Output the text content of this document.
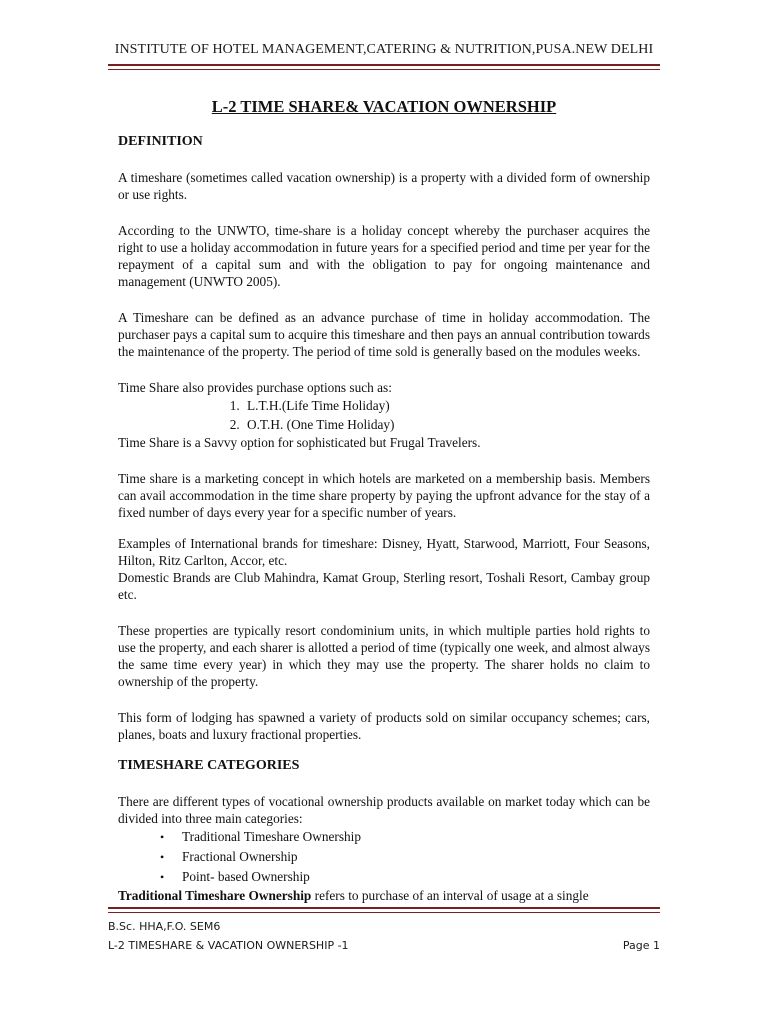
INSTITUTE OF HOTEL MANAGEMENT,CATERING & NUTRITION,PUSA.NEW DELHI
L-2 TIME SHARE& VACATION OWNERSHIP
DEFINITION

A timeshare (sometimes called vacation ownership) is a property with a divided form of ownership or use rights.

According to the UNWTO, time-share is a holiday concept whereby the purchaser acquires the right to use a holiday accommodation in future years for a specified period and time per year for the repayment of a capital sum and with the obligation to pay for ongoing maintenance and management (UNWTO 2005).

A Timeshare can be defined as an advance purchase of time in holiday accommodation. The purchaser pays a capital sum to acquire this timeshare and then pays an annual contribution towards the maintenance of the property. The period of time sold is generally based on the modules weeks.

Time Share also provides purchase options such as:

1. L.T.H.(Life Time Holiday)
2. O.T.H. (One Time Holiday)

Time Share is a Savvy option for sophisticated but Frugal Travelers.

Time share is a marketing concept in which hotels are marketed on a membership basis. Members can avail accommodation in the time share property by paying the upfront advance for the stay of a fixed number of days every year for a specific number of years.

Examples of International brands for timeshare: Disney, Hyatt, Starwood, Marriott, Four Seasons, Hilton, Ritz Carlton, Accor, etc.

Domestic Brands are Club Mahindra, Kamat Group, Sterling resort, Toshali Resort, Cambay group etc.

These properties are typically resort condominium units, in which multiple parties hold rights to use the property, and each sharer is allotted a period of time (typically one week, and almost always the same time every year) in which they may use the property. The sharer holds no claim to ownership of the property.

This form of lodging has spawned a variety of products sold on similar occupancy schemes; cars, planes, boats and luxury fractional properties.

TIMESHARE CATEGORIES

There are different types of vocational ownership products available on market today which can be divided into three main categories:

• Traditional Timeshare Ownership
• Fractional Ownership
• Point- based Ownership

Traditional Timeshare Ownership refers to purchase of an interval of usage at a single

B.Sc. HHA,F.O. SEM6
L-2 TIMESHARE & VACATION OWNERSHIP -1	Page 1
